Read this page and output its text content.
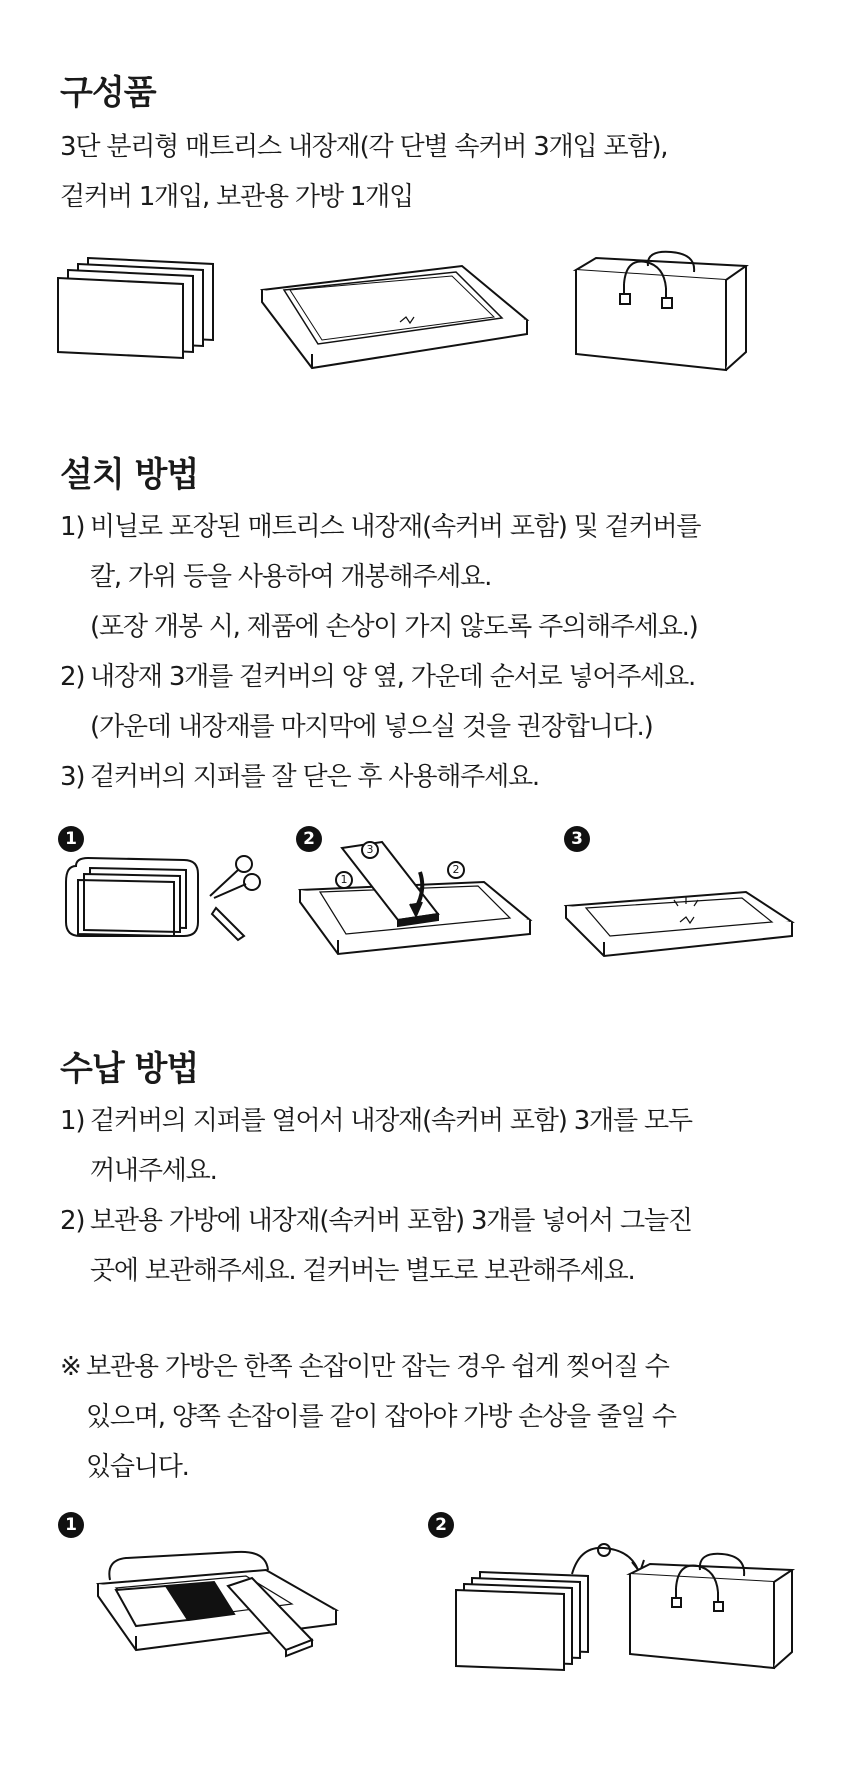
구성품

3단 분리형 매트리스 내장재(각 단별 속커버 3개입 포함),

겉커버 1개입, 보관용 가방 1개입

설치 방법
1) 비닐로 포장된 매트리스 내장재(속커버 포함) 및 겉커버를
칼, 가위 등을 사용하여 개봉해주세요.
(포장 개봉 시, 제품에 손상이 가지 않도록 주의해주세요.)
2) 내장재 3개를 겉커버의 양 옆, 가운데 순서로 넣어주세요.
(가운데 내장재를 마지막에 넣으실 것을 권장합니다.)
3) 겉커버의 지퍼를 잘 닫은 후 사용해주세요.
1	2	3
1
2
3
수납 방법
1) 겉커버의 지퍼를 열어서 내장재(속커버 포함) 3개를 모두
꺼내주세요.
2) 보관용 가방에 내장재(속커버 포함) 3개를 넣어서 그늘진
곳에 보관해주세요. 겉커버는 별도로 보관해주세요.
※ 보관용 가방은 한쪽 손잡이만 잡는 경우 쉽게 찢어질 수
있으며, 양쪽 손잡이를 같이 잡아야 가방 손상을 줄일 수
있습니다.
1	2
